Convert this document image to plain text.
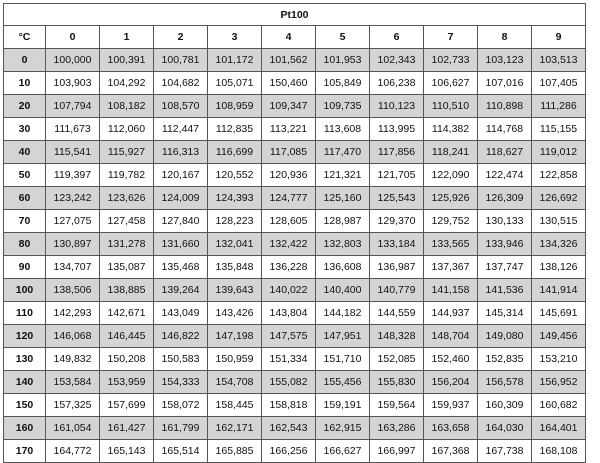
Pt100										
°C	0	1	2	3	4	5	6	7	8	9
0	100,000	100,391	100,781	101,172	101,562	101,953	102,343	102,733	103,123	103,513
10	103,903	104,292	104,682	105,071	150,460	105,849	106,238	106,627	107,016	107,405
20	107,794	108,182	108,570	108,959	109,347	109,735	110,123	110,510	110,898	111,286
30	111,673	112,060	112,447	112,835	113,221	113,608	113,995	114,382	114,768	115,155
40	115,541	115,927	116,313	116,699	117,085	117,470	117,856	118,241	118,627	119,012
50	119,397	119,782	120,167	120,552	120,936	121,321	121,705	122,090	122,474	122,858
60	123,242	123,626	124,009	124,393	124,777	125,160	125,543	125,926	126,309	126,692
70	127,075	127,458	127,840	128,223	128,605	128,987	129,370	129,752	130,133	130,515
80	130,897	131,278	131,660	132,041	132,422	132,803	133,184	133,565	133,946	134,326
90	134,707	135,087	135,468	135,848	136,228	136,608	136,987	137,367	137,747	138,126
100	138,506	138,885	139,264	139,643	140,022	140,400	140,779	141,158	141,536	141,914
110	142,293	142,671	143,049	143,426	143,804	144,182	144,559	144,937	145,314	145,691
120	146,068	146,445	146,822	147,198	147,575	147,951	148,328	148,704	149,080	149,456
130	149,832	150,208	150,583	150,959	151,334	151,710	152,085	152,460	152,835	153,210
140	153,584	153,959	154,333	154,708	155,082	155,456	155,830	156,204	156,578	156,952
150	157,325	157,699	158,072	158,445	158,818	159,191	159,564	159,937	160,309	160,682
160	161,054	161,427	161,799	162,171	162,543	162,915	163,286	163,658	164,030	164,401
170	164,772	165,143	165,514	165,885	166,256	166,627	166,997	167,368	167,738	168,108
